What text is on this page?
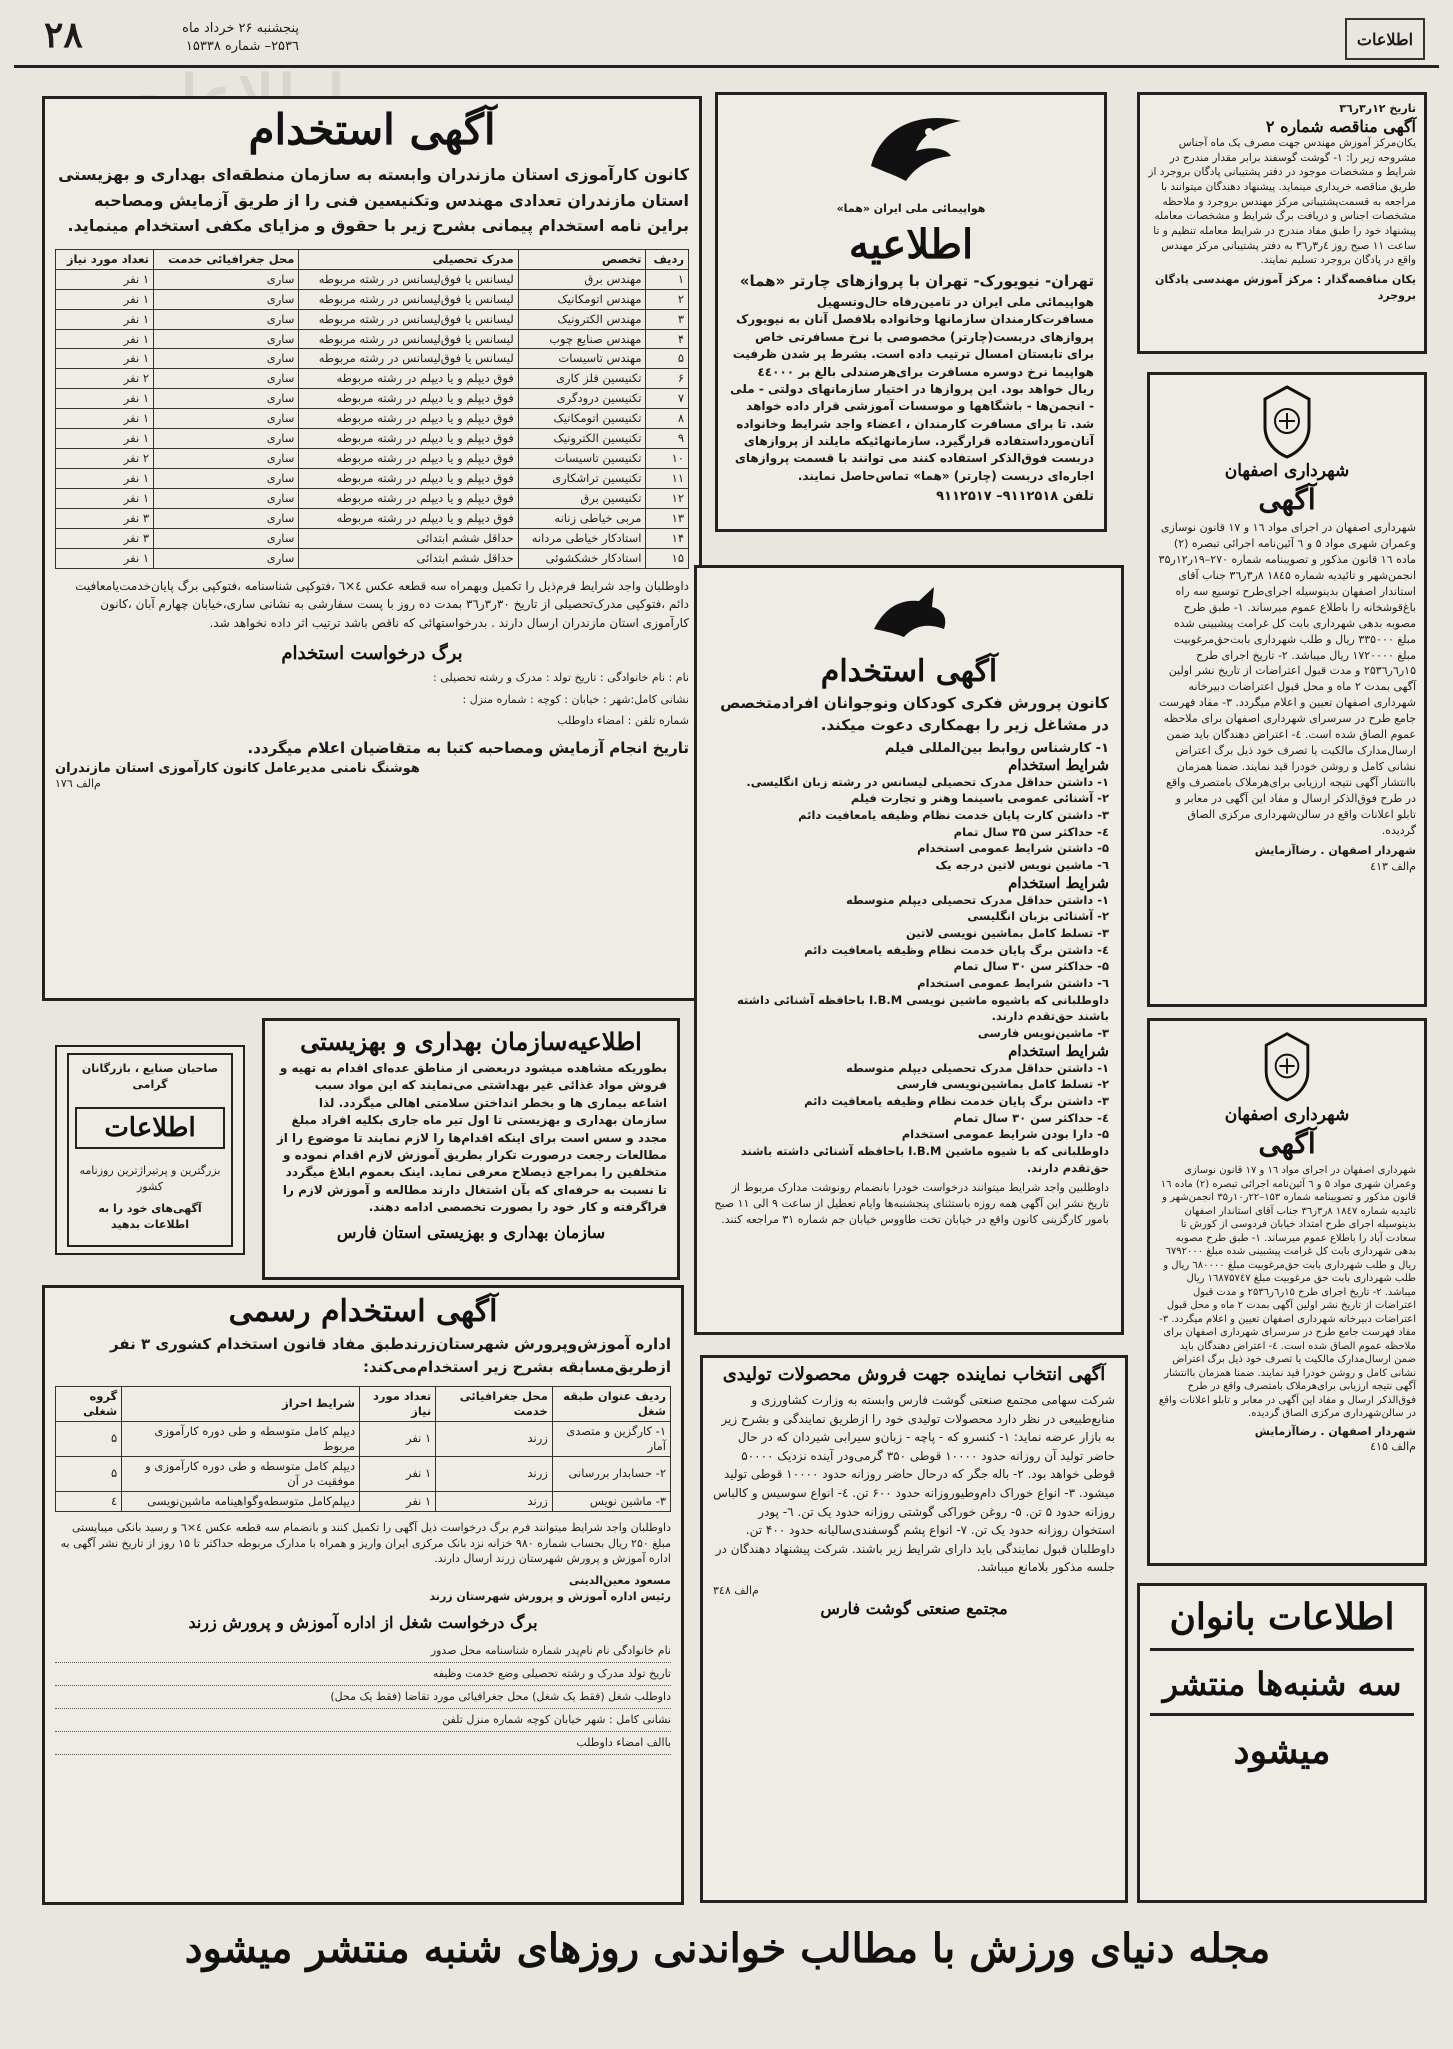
۲۸	پنجشنبه ۲۶ خرداد ماه
۲۵۳٦– شماره ۱۵۳۳۸	اطلاعات
آگهی استخدام
کانون کارآموزی استان مازندران وابسته به سازمان منطقه‌ای بهداری و بهزیستی استان مازندران تعدادی مهندس وتکنیسین فنی را از طریق آزمایش ومصاحبه براین نامه استخدام پیمانی بشرح زیر با حقوق و مزایای مکفی استخدام مینماید.
ردیف	تخصص	مدرک تحصیلی	محل جغرافیائی خدمت	تعداد مورد نیاز
۱	مهندس برق	لیسانس یا فوق‌لیسانس در رشته مربوطه	ساری	۱ نفر
۲	مهندس اتومکانیک	لیسانس یا فوق‌لیسانس در رشته مربوطه	ساری	۱ نفر
۳	مهندس الکترونیک	لیسانس یا فوق‌لیسانس در رشته مربوطه	ساری	۱ نفر
۴	مهندس صنایع چوب	لیسانس یا فوق‌لیسانس در رشته مربوطه	ساری	۱ نفر
۵	مهندس تاسیسات	لیسانس یا فوق‌لیسانس در رشته مربوطه	ساری	۱ نفر
۶	تکنیسین فلز کاری	فوق دیپلم و یا دیپلم در رشته مربوطه	ساری	۲ نفر
۷	تکنیسین درودگری	فوق دیپلم و یا دیپلم در رشته مربوطه	ساری	۱ نفر
۸	تکنیسین اتومکانیک	فوق دیپلم و یا دیپلم در رشته مربوطه	ساری	۱ نفر
۹	تکنیسین الکترونیک	فوق دیپلم و یا دیپلم در رشته مربوطه	ساری	۱ نفر
۱۰	تکنیسین تاسیسات	فوق دیپلم و یا دیپلم در رشته مربوطه	ساری	۲ نفر
۱۱	تکنیسین تراشکاری	فوق دیپلم و یا دیپلم در رشته مربوطه	ساری	۱ نفر
۱۲	تکنیسین برق	فوق دیپلم و یا دیپلم در رشته مربوطه	ساری	۱ نفر
۱۳	مربی خیاطی زنانه	فوق دیپلم و یا دیپلم در رشته مربوطه	ساری	۳ نفر
۱۴	استادکار خیاطی مردانه	حداقل ششم ابتدائی	ساری	۳ نفر
۱۵	استادکار خشکشوئی	حداقل ششم ابتدائی	ساری	۱ نفر
داوطلبان واجد شرایط فرم‌ذیل را تکمیل وبهمراه سه قطعه عکس ٤×٦ ،فتوکپی شناسنامه ،فتوکپی برگ پایان‌خدمت‌یامعافیت دائم ،فتوکپی مدرک‌تحصیلی از تاریخ ۳۰ر۳ر۳٦ بمدت ده روز با پست سفارشی به نشانی ساری،خیابان چهارم آبان ،کانون کارآموزی استان مازندران ارسال دارند . بدرخواستهائی که ناقص باشد ترتیب اثر داده نخواهد شد.
برگ درخواست استخدام
نام : نام خانوادگی : تاریخ تولد : مدرک و رشته تحصیلی :
نشانی کامل:شهر : خیابان : کوچه : شماره منزل :
شماره تلفن : امضاء داوطلب
تاریخ انجام آزمایش ومصاحبه کتبا به متقاضیان اعلام میگردد.
هوشنگ نامنی مدیرعامل کانون کارآموزی استان مازندران
م‌الف ۱۷٦
هواپیمائی ملی ایران «هما»
اطلاعیه
تهران- نیویورک- تهران با پروازهای چارتر «هما»
هواپیمائی ملی ایران در تامین‌رفاه حال‌وتسهیل مسافرت‌کارمندان سازمانها وخانواده بلافصل آنان به نیویورک پروازهای دربست(چارتر) مخصوصی با نرخ مسافرتی خاص برای تابستان امسال ترتیب داده است. بشرط پر شدن ظرفیت هواپیما نرخ دوسره مسافرت برای‌هرصندلی بالغ بر ٤٤٠٠٠ ریال خواهد بود. این پروازها در اختیار سازمانهای دولتی - ملی - انجمن‌ها - باشگاهها و موسسات آموزشی قرار داده خواهد شد. تا برای مسافرت کارمندان ، اعضاء واجد شرایط وخانواده آنان‌مورداستفاده قرارگیرد. سازمانهائیکه مایلند از پروازهای دربست فوق‌الذکر استفاده کنند می توانند با قسمت پرواز‌های اجاره‌ای دربست (چارتر) «هما» تماس‌حاصل نمایند.
تلفن ۹۱۱۲۵۱۸– ۹۱۱۲۵۱۷
تاریخ ۱۲ر۳ر۳٦
آگهی مناقصه شماره ۲
یکان‌مرکز آموزش مهندس جهت مصرف یک‌ ماه آجناس مشروحه زیر را: ۱- گوشت گوسفند برابر مقدار مندرج در شرایط و مشخصات موجود در دفتر پشتیبانی پادگان بروجرد از طریق مناقصه خریداری مینماید. پیشنهاد دهندگان میتوانند با مراجعه به قسمت‌پشتیبانی مرکز مهندس بروجرد و ملاحظه مشخصات اجناس و دریافت برگ شرایط و مشخصات معامله پیشنهاد خود را طبق مفاد مندرج در شرایط معامله تنظیم و تا ساعت ۱۱ صبح روز ٤ر۳ر۳٦ به دفتر پشتیبانی مرکز مهندس واقع در پادگان بروجرد تسلیم نمایند.
یکان مناقصه‌گذار : مرکز آموزش مهندسی پادگان بروجرد
شهرداری اصفهان
آگهی
شهرداری اصفهان در اجرای مواد ۱٦ و ۱۷ قانون نوسازی وعمران شهری مواد ۵ و ٦ آئین‌نامه اجرائی تبصره (۲) ماده ۱٦ قانون مذکور و تصویبنامه شماره ۲۷۰–۱۹ر۱۲ر۳۵ انجمن‌شهر و تائیدیه شماره ۱۸٤۵ ۸ر۳ر۳٦ جناب آقای استاندار اصفهان بدینوسیله اجرای‌طرح توسیع سه راه باغ‌قوشخانه را باطلاع عموم میرساند. ۱- طبق طرح مصوبه بدهی شهرداری بابت کل غرامت پیشبینی شده مبلغ ۳۳۵۰۰۰ ریال و طلب شهرداری بابت‌حق‌مرغوبیت مبلغ ۱۷۲۰۰۰۰ ریال میباشد. ۲- تاریخ اجرای طرح ۱۵ر٦ر۲۵۳٦ و مدت قبول اعتراضات از تاریخ نشر اولین آگهی بمدت ۲ ماه و محل قبول اعتراضات دبیرخانه شهرداری اصفهان تعیین و اعلام میگردد. ۳- مفاد فهرست جامع طرح در سرسرای شهرداری اصفهان برای ملاحظه عموم الصاق شده است. ٤- اعتراض دهندگان باید ضمن ارسال‌مدارک مالکیت یا تصرف خود ذیل برگ اعتراض نشانی کامل و روشن خودرا قید نمایند. ضمنا همزمان باانتشار آگهی نتیجه ارزیابی برای‌هرملاک بامتصرف واقع در طرح فوق‌الذکر ارسال و مفاد این آگهی در معابر و تابلو اعلانات واقع در سالن‌شهرداری مرکزی الصاق گردیده.
شهردار اصفهان . رضاآزمایش
م‌الف ٤۱۳
شهرداری اصفهان
آگهی
شهرداری اصفهان در اجرای مواد ۱٦ و ۱۷ قانون نوسازی وعمران شهری مواد ۵ و ٦ آئین‌نامه اجرائی تبصره (۲) ماده ۱٦ قانون مذکور و تصویبنامه شماره ۱۵۳–۲۲ر۱۰ر۳۵ انجمن‌شهر و تائیدیه شماره ۱۸٤۷ ۸ر۳ر۳٦ جناب آقای استاندار اصفهان بدینوسیله اجرای طرح امتداد خیابان فردوسی از کورش تا سعادت آباد را باطلاع عموم میرساند. ۱- طبق طرح مصوبه بدهی شهرداری بابت کل غرامت پیشبینی شده مبلغ ٦٧٩٢٠٠٠ ریال و طلب شهرداری بابت حق‌مرغوبیت مبلغ ٦٨٠٠٠٠ ریال و طلب شهرداری بابت حق مرغوبیت مبلغ ۱٦۸۷۵۷٤٧ ریال میباشد. ۲- تاریخ اجرای طرح ۱۵ر٦ر۲۵۳٦ و مدت قبول اعتراضات از تاریخ نشر اولین آگهی بمدت ۲ ماه و محل قبول اعتراضات دبیرخانه شهرداری اصفهان تعیین و اعلام میگردد. ۳- مفاد فهرست جامع طرح در سرسرای شهرداری اصفهان برای ملاحظه عموم الصاق شده است. ٤- اعتراض دهندگان باید ضمن ارسال‌مدارک مالکیت یا تصرف خود ذیل برگ اعتراض نشانی کامل و روشن خودرا قید نمایند. ضمنا همزمان باانتشار آگهی نتیجه ارزیابی برای‌هرملاک بامتصرف واقع در طرح فوق‌الذکر ارسال و مفاد این آگهی در معابر و تابلو اعلانات واقع در سالن‌شهرداری مرکزی الصاق گردیده.
شهردار اصفهان . رضاآزمایش
م‌الف ٤۱۵
آگهی استخدام
کانون پرورش فکری کودکان ونوجوانان افرادمتخصص در مشاغل زیر را بهمکاری دعوت میکند.
۱- کارشناس روابط بین‌المللی فیلم
شرایط استخدام
۱- داشتن حداقل مدرک تحصیلی لیسانس در رشته زبان انگلیسی.
۲- آشنائی عمومی باسینما وهنر و تجارت فیلم
۳- داشتن کارت پایان خدمت نظام وظیفه یامعافیت دائم
٤- حداکثر سن ۳۵ سال تمام
۵- داشتن شرایط عمومی استخدام
٦- ماشین نویس لاتین درجه یک
شرایط استخدام
۱- داشتن حداقل مدرک تحصیلی دیپلم متوسطه
۲- آشنائی بزبان انگلیسی
۳- تسلط کامل بماشین نویسی لاتین
٤- داشتن برگ پایان خدمت نظام وظیفه یامعافیت دائم
۵- حداکثر سن ۳۰ سال تمام
٦- داشتن شرایط عمومی استخدام
داوطلبانی که باشیوه ماشین نویسی I.B.M باحافظه آشنائی داشته باشند حق‌تقدم دارند.
۳- ماشین‌نویس فارسی
شرایط استخدام
۱- داشتن حداقل مدرک تحصیلی دیپلم متوسطه
۲- تسلط کامل بماشین‌نویسی فارسی
۳- داشتن برگ پایان خدمت نظام وظیفه یامعافیت دائم
٤- حداکثر سن ۳۰ سال تمام
۵- دارا بودن شرایط عمومی استخدام
داوطلبانی که با شیوه ماشین I.B.M باحافظه آشنائی داشته باشند حق‌تقدم دارند.
داوطلبین واجد شرایط میتوانند درخواست خودرا بانضمام رونوشت مدارک مربوط از تاریخ نشر این آگهی همه روزه باستثنای پنجشنبه‌ها وایام تعطیل از ساعت ۹ الی ۱۱ صبح بامور کارگزینی کانون واقع در خیابان تخت طاووس خیابان جم شماره ۳۱ مراجعه کنند.
اطلاعیه‌سازمان بهداری و بهزیستی
بطوریکه مشاهده میشود دربعضی از مناطق عده‌ای اقدام به تهیه و فروش مواد غذائی غیر بهداشتی می‌نمایند که این مواد سبب اشاعه بیماری ها و بخطر انداختن سلامتی اهالی میگردد. لذا سازمان بهداری و بهزیستی تا اول تیر ماه جاری بکلیه افراد مبلغ مجدد و سس است برای اینکه اقدام‌ها را لازم نمایند تا موضوع را از مطالعات رجعت درصورت تکرار بطریق آموزش لازم اقدام نموده و متخلفین را بمراجع ذیصلاح معرفی نماید. اینک بعموم ابلاغ میگردد تا نسبت به حرفه‌ای که بآن اشتغال دارند مطالعه و آموزش لازم را فراگرفته و کار خود را بصورت تخصصی ادامه دهند.
سازمان بهداری و بهزیستی استان فارس
صاحبان صنایع ، بازرگانان گرامی
اطلاعات
بزرگترین و پرتیراژترین روزنامه کشور
آگهی‌های خود را به اطلاعات بدهید
آگهی استخدام رسمی
اداره آموزش‌وپرورش شهرستان‌زرندطبق مفاد قانون استخدام کشوری ۳ نفر ازطریق‌مسابقه بشرح زیر استخدام‌می‌کند:
ردیف عنوان طبقه شغل	محل جغرافیائی خدمت	تعداد مورد نیاز	شرایط احراز	گروه شغلی
۱- کارگزین و متصدی آمار	زرند	۱ نفر	دیپلم کامل متوسطه و طی دوره کارآموزی مربوط	۵
۲- حسابدار بررسانی	زرند	۱ نفر	دیپلم کامل متوسطه و طی دوره کارآموزی و موفقیت در آن	۵
۳- ماشین نویس	زرند	۱ نفر	دیپلم‌کامل متوسطه‌وگواهینامه ماشین‌نویسی	٤
داوطلبان واجد شرایط میتوانند فرم برگ درخواست ذیل آگهی را تکمیل کنند و بانضمام سه قطعه عکس ٤×٦ و رسید بانکی میبایستی مبلغ ۲۵۰ ریال بحساب شماره ۹۸۰ خزانه نزد بانک مرکزی ایران واریز و همراه با مدارک مربوطه حداکثر تا ۱۵ روز از تاریخ نشر آگهی به اداره آموزش و پرورش شهرستان زرند ارسال دارند.
مسعود معین‌الدینی
رئیس اداره آموزش و پرورش شهرستان زرند
برگ درخواست شغل از اداره آموزش و پرورش زرند
نام خانوادگی نام نام‌پدر شماره شناسنامه محل صدور
تاریخ تولد مدرک و رشته تحصیلی وضع خدمت وظیفه
داوطلب شغل (فقط یک شغل) محل جغرافیائی مورد تقاضا (فقط یک محل)
نشانی کامل : شهر خیابان کوچه شماره منزل تلفن
باالف امضاء داوطلب
آگهی انتخاب نماینده جهت فروش محصولات تولیدی
شرکت سهامی مجتمع صنعتی گوشت فارس وابسته به وزارت کشاورزی و منابع‌طبیعی در نظر دارد محصولات تولیدی خود را ازطریق نمایندگی و بشرح زیر به بازار عرضه نماید: ۱- کنسرو که - پاچه - زبان‌و سیرابی شیردان که در حال حاضر تولید آن روزانه حدود ۱۰۰۰۰ قوطی ۳۵۰ گرمی‌ودر آینده نزدیک ۵۰۰۰۰ قوطی خواهد بود. ۲- باله جگر که درحال حاضر روزانه حدود ۱۰۰۰۰ قوطی تولید میشود. ۳- انواع خوراک دام‌وطیوروزانه حدود ۶۰۰ تن. ٤- انواع سوسیس و کالباس روزانه حدود ۵ تن. ۵- روغن خوراکی گوشتی روزانه حدود یک تن. ٦- پودر استخوان روزانه حدود یک تن. ۷- انواع پشم گوسفندی‌سالیانه حدود ۴۰۰ تن. داوطلبان قبول نمایندگی باید دارای شرایط زیر باشند. شرکت پیشنهاد دهندگان در جلسه مذکور بلامانع میباشد.
م‌الف ۳٤۸
مجتمع صنعتی گوشت فارس	اطلاعات بانوان
سه شنبه‌ها منتشر
میشود
مجله دنیای ورزش با مطالب خواندنی روزهای شنبه منتشر میشود
